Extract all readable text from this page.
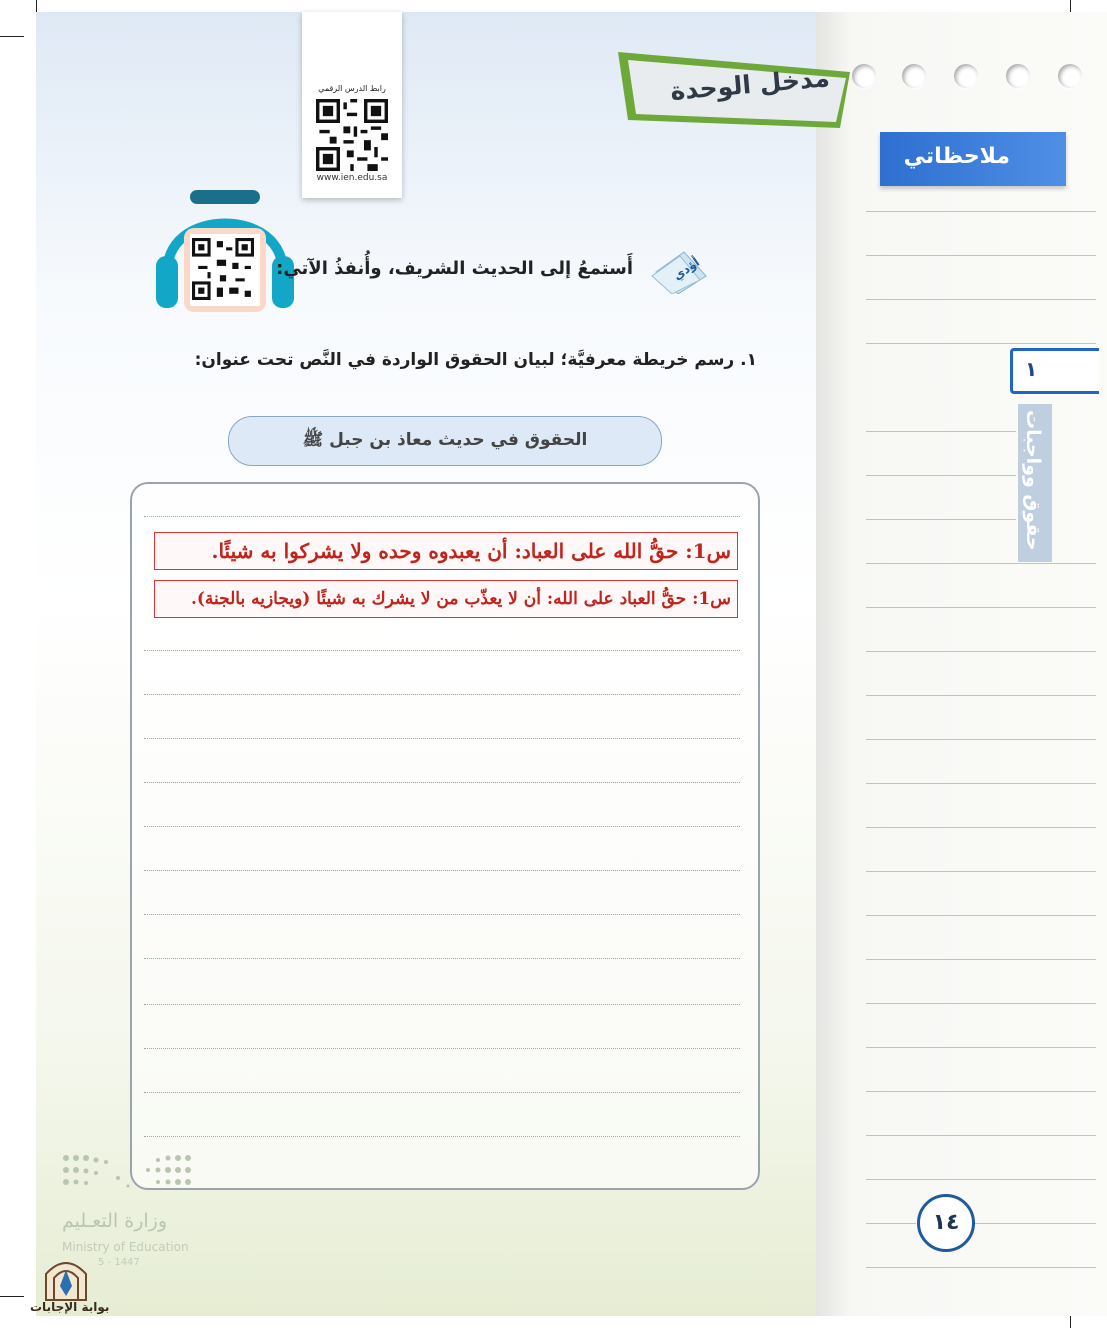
رابط الدرس الرقمي
www.ien.edu.sa
مدخل الوحدة
ملاحظاتي
١
حقوق وواجبات
أؤدي
أَستمعُ إلى الحديث الشريف، وأُنفذُ الآتي:
١. رسم خريطة معرفيَّة؛ لبيان الحقوق الواردة في النَّص تحت عنوان:
الحقوق في حديث معاذ بن جبل ﷺ
س1: حقُّ الله على العباد: أن يعبدوه وحده ولا يشركوا به شيئًا.
س1: حقُّ العباد على الله: أن لا يعذّب من لا يشرك به شيئًا (ويجازيه بالجنة).
وزارة التعـليم
Ministry of Education
5 - 1447
١٤
بوابة الإجابات
